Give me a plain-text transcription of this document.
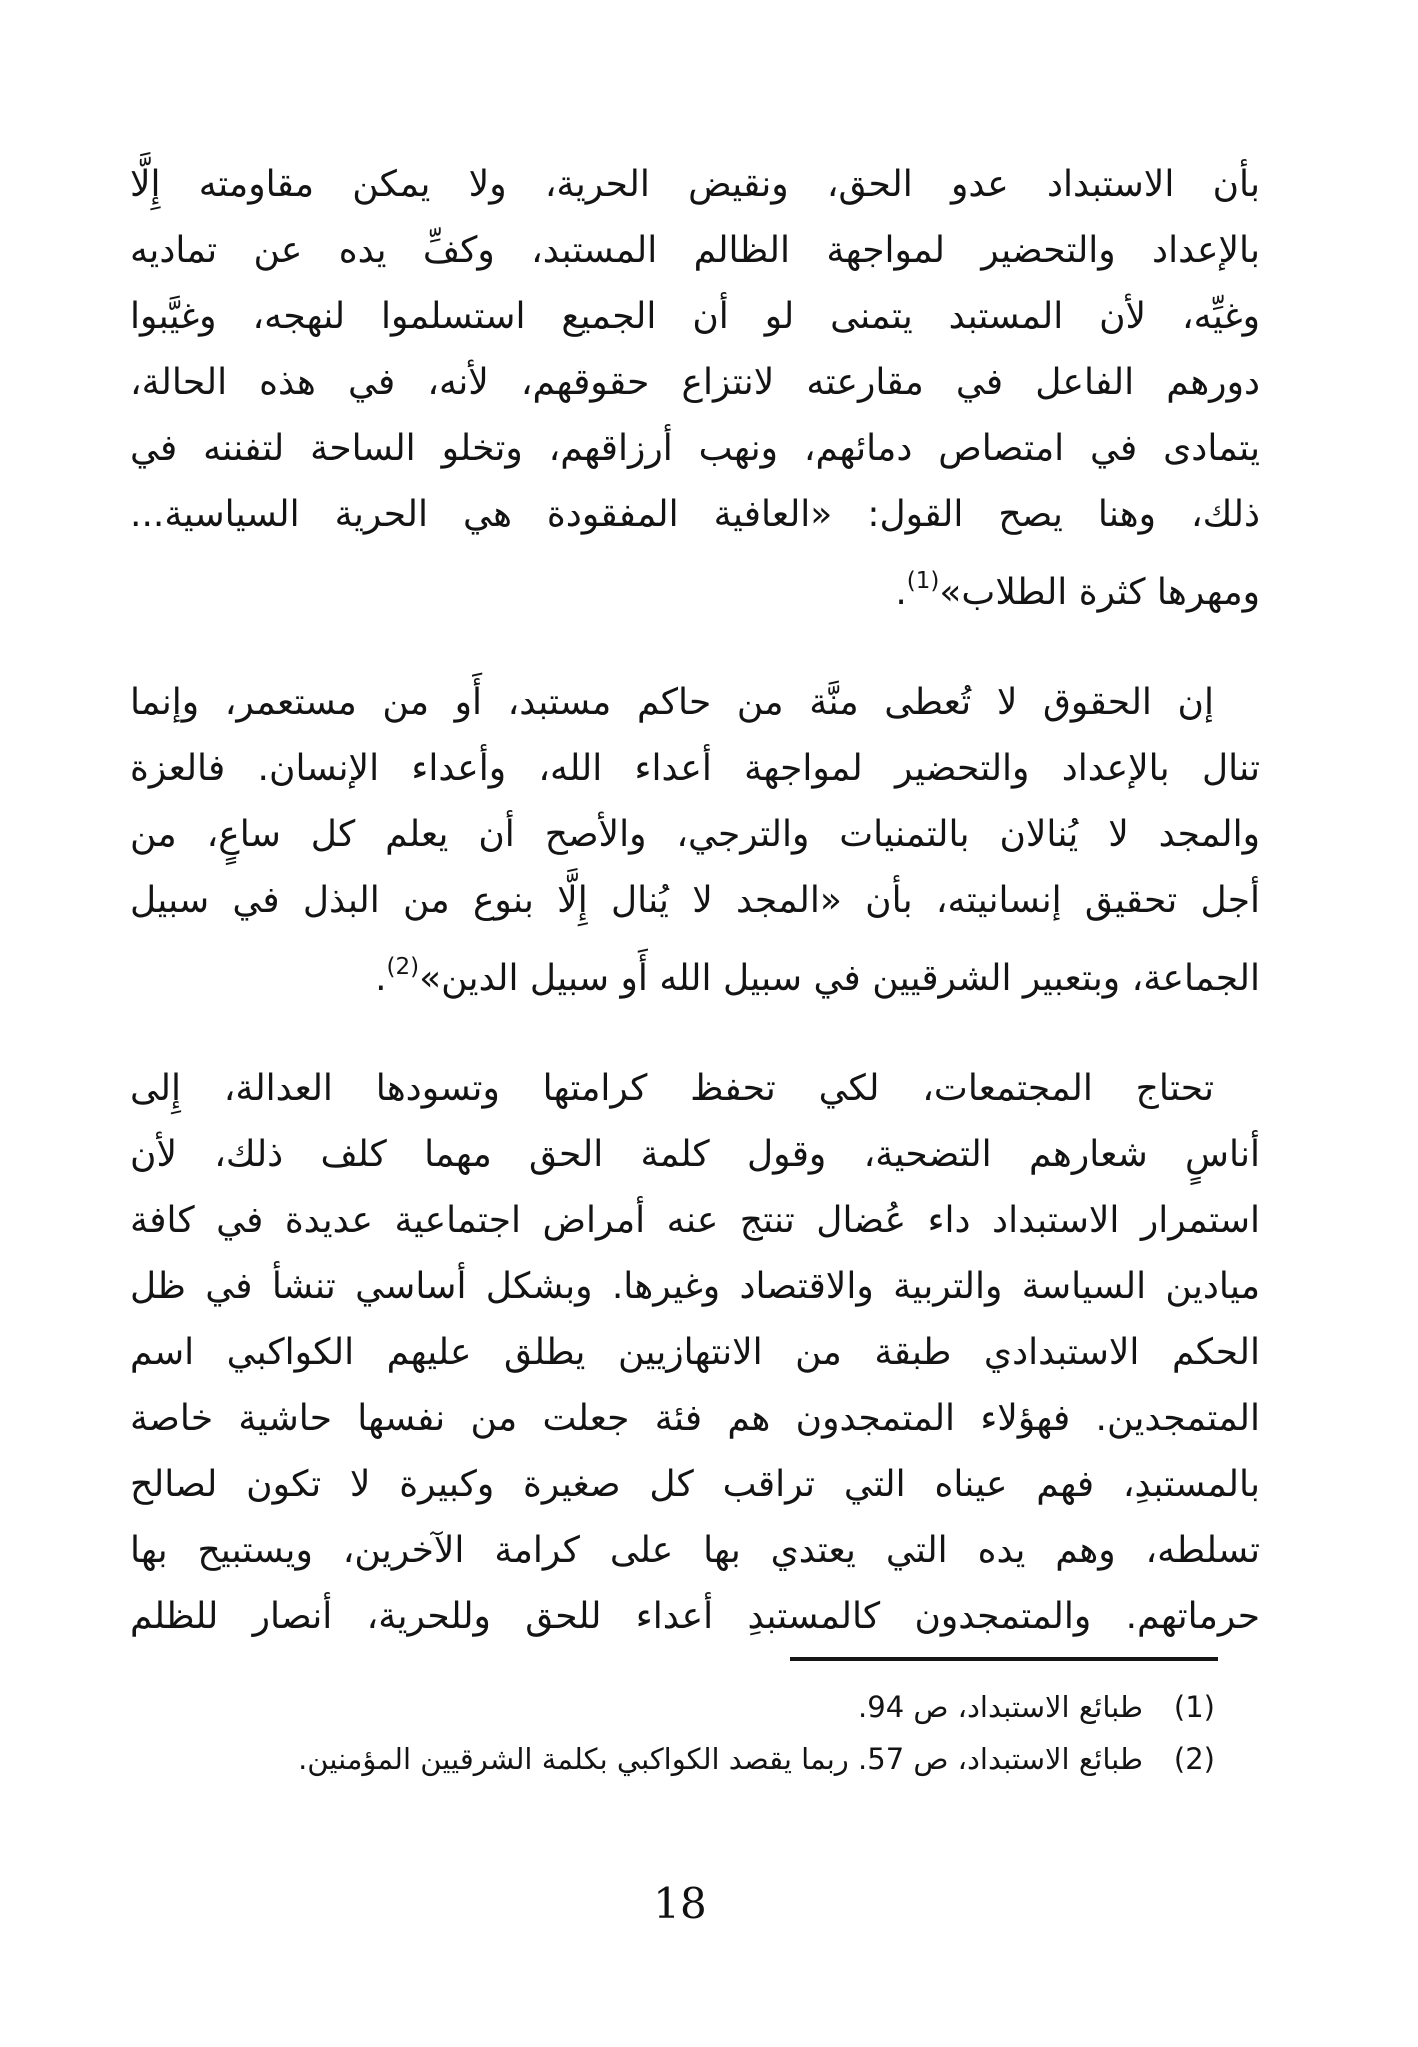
بأن الاستبداد عدو الحق، ونقيض الحرية، ولا يمكن مقاومته إِلَّا
بالإعداد والتحضير لمواجهة الظالم المستبد، وكفِّ يده عن تماديه
وغيِّه، لأن المستبد يتمنى لو أن الجميع استسلموا لنهجه، وغيَّبوا
دورهم الفاعل في مقارعته لانتزاع حقوقهم، لأنه، في هذه الحالة،
يتمادى في امتصاص دمائهم، ونهب أرزاقهم، وتخلو الساحة لتفننه في
ذلك، وهنا يصح القول: «العافية المفقودة هي الحرية السياسية...
ومهرها كثرة الطلاب»$^{(1)}$.
إن الحقوق لا تُعطى منَّة من حاكم مستبد، أَو من مستعمر، وإنما
تنال بالإعداد والتحضير لمواجهة أعداء الله، وأعداء الإنسان. فالعزة
والمجد لا يُنالان بالتمنيات والترجي، والأصح أن يعلم كل ساعٍ، من
أجل تحقيق إنسانيته، بأن «المجد لا يُنال إِلَّا بنوع من البذل في سبيل
الجماعة، وبتعبير الشرقيين في سبيل الله أَو سبيل الدين»$^{(2)}$.
تحتاج المجتمعات، لكي تحفظ كرامتها وتسودها العدالة، إِلى
أناسٍ شعارهم التضحية، وقول كلمة الحق مهما كلف ذلك، لأن
استمرار الاستبداد داء عُضال تنتج عنه أمراض اجتماعية عديدة في كافة
ميادين السياسة والتربية والاقتصاد وغيرها. وبشكل أساسي تنشأ في ظل
الحكم الاستبدادي طبقة من الانتهازيين يطلق عليهم الكواكبي اسم
المتمجدين. فهؤلاء المتمجدون هم فئة جعلت من نفسها حاشية خاصة
بالمستبدِ، فهم عيناه التي تراقب كل صغيرة وكبيرة لا تكون لصالح
تسلطه، وهم يده التي يعتدي بها على كرامة الآخرين، ويستبيح بها
حرماتهم. والمتمجدون كالمستبدِ أعداء للحق وللحرية، أنصار للظلم
(1)
طبائع الاستبداد، ص 94.
(2)
طبائع الاستبداد، ص 57. ربما يقصد الكواكبي بكلمة الشرقيين المؤمنين.
18
